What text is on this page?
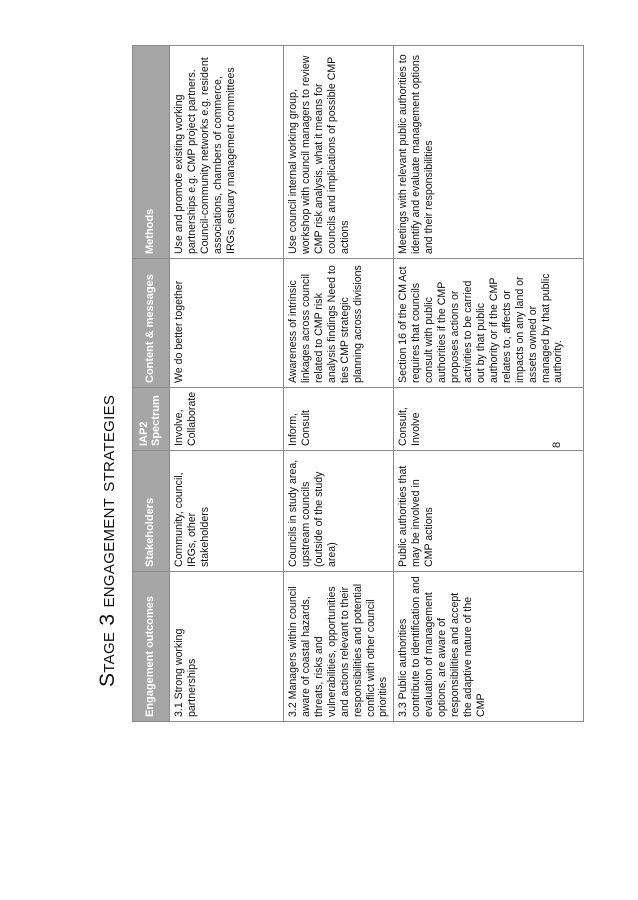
Stage 3 engagement strategies Engagement outcomes	Stakeholders	IAP2 Spectrum	Content & messages	Methods
3.1 Strong working partnerships	Community, council, IRGs, other stakeholders	Involve, Collaborate	We do better together	Use and promote existing working partnerships e.g. CMP project partners. Council-community networks e.g. resident associations, chambers of commerce, IRGs, estuary management committees
3.2 Managers within council aware of coastal hazards, threats, risks and vulnerabilities, opportunities and actions relevant to their responsibilities and potential conflict with other council priorities	Councils in study area, upstream councils (outside of the study area)	Inform, Consult	Awareness of intrinsic linkages across council related to CMP risk analysis findings Need to ties CMP strategic planning across divisions	Use council internal working group, workshop with council managers to review CMP risk analysis, what it means for councils and implications of possible CMP actions
3.3 Public authorities contribute to identification and evaluation of management options, are aware of responsibilities and accept the adaptive nature of the CMP	Public authorities that may be involved in CMP actions	Consult, Involve	Section 16 of the CM Act requires that councils consult with public authorities if the CMP proposes actions or activities to be carried out by that public authority or if the CMP relates to, affects or impacts on any land or assets owned or managed by that public authority.	Meetings with relevant public authorities to identify and evaluate management options and their responsibilities
8
